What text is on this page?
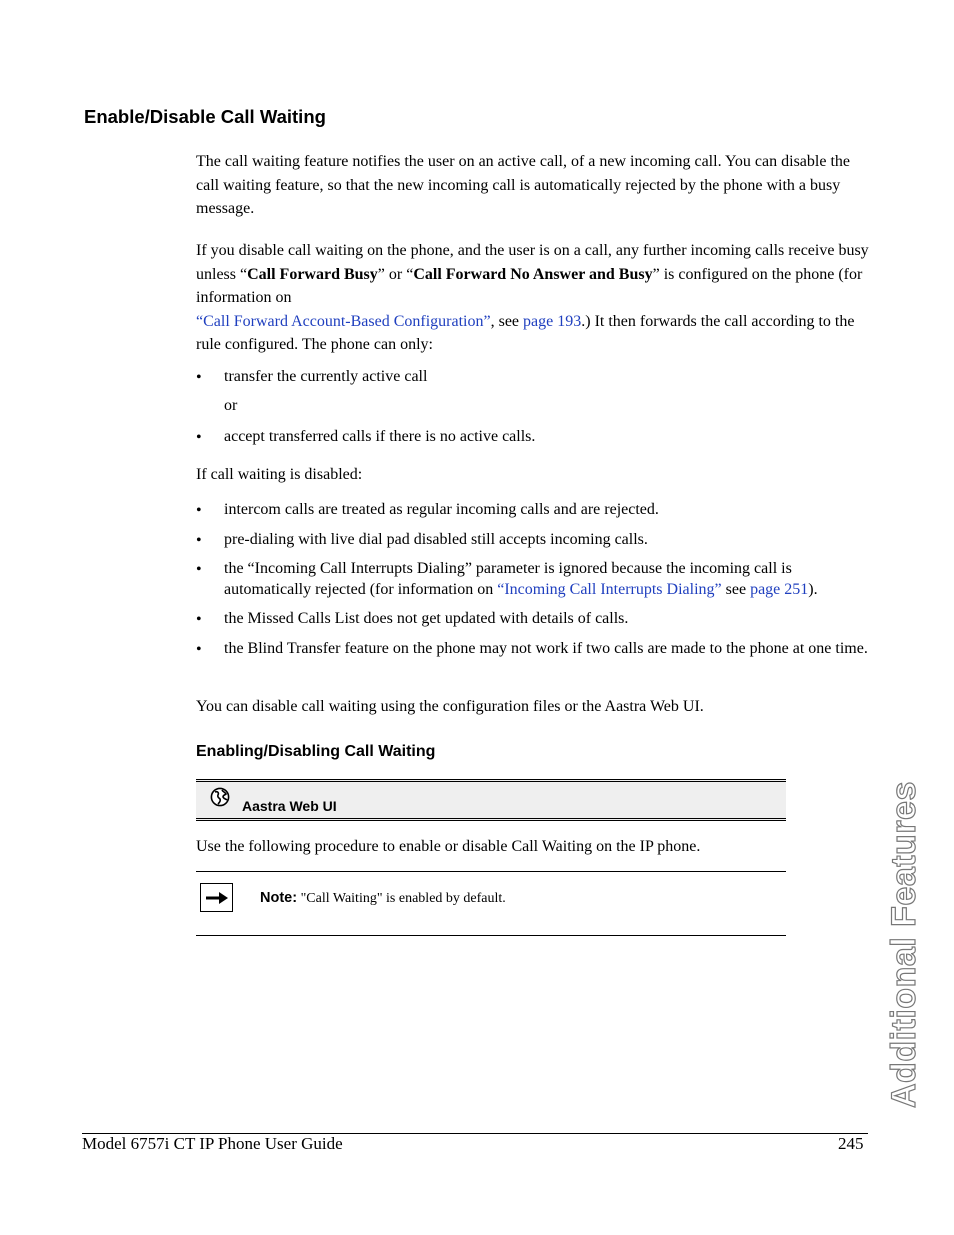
Enable/Disable Call Waiting
The call waiting feature notifies the user on an active call, of a new incoming call. You can disable the call waiting feature, so that the new incoming call is automatically rejected by the phone with a busy message.
If you disable call waiting on the phone, and the user is on a call, any further incoming calls receive busy unless “Call Forward Busy” or “Call Forward No Answer and Busy” is configured on the phone (for information on
“Call Forward Account-Based Configuration”, see page 193.) It then forwards the call according to the rule configured. The phone can only:
• transfer the currently active call
or
• accept transferred calls if there is no active calls.
If call waiting is disabled:
• intercom calls are treated as regular incoming calls and are rejected.
• pre-dialing with live dial pad disabled still accepts incoming calls.
• the “Incoming Call Interrupts Dialing” parameter is ignored because the incoming call is automatically rejected (for information on “Incoming Call Interrupts Dialing” see page 251).
• the Missed Calls List does not get updated with details of calls.
• the Blind Transfer feature on the phone may not work if two calls are made to the phone at one time.
You can disable call waiting using the configuration files or the Aastra Web UI.
Enabling/Disabling Call Waiting
Aastra Web UI
Use the following procedure to enable or disable Call Waiting on the IP phone.
Note: "Call Waiting" is enabled by default.	Additional Features
Model 6757i CT IP Phone User Guide	245
